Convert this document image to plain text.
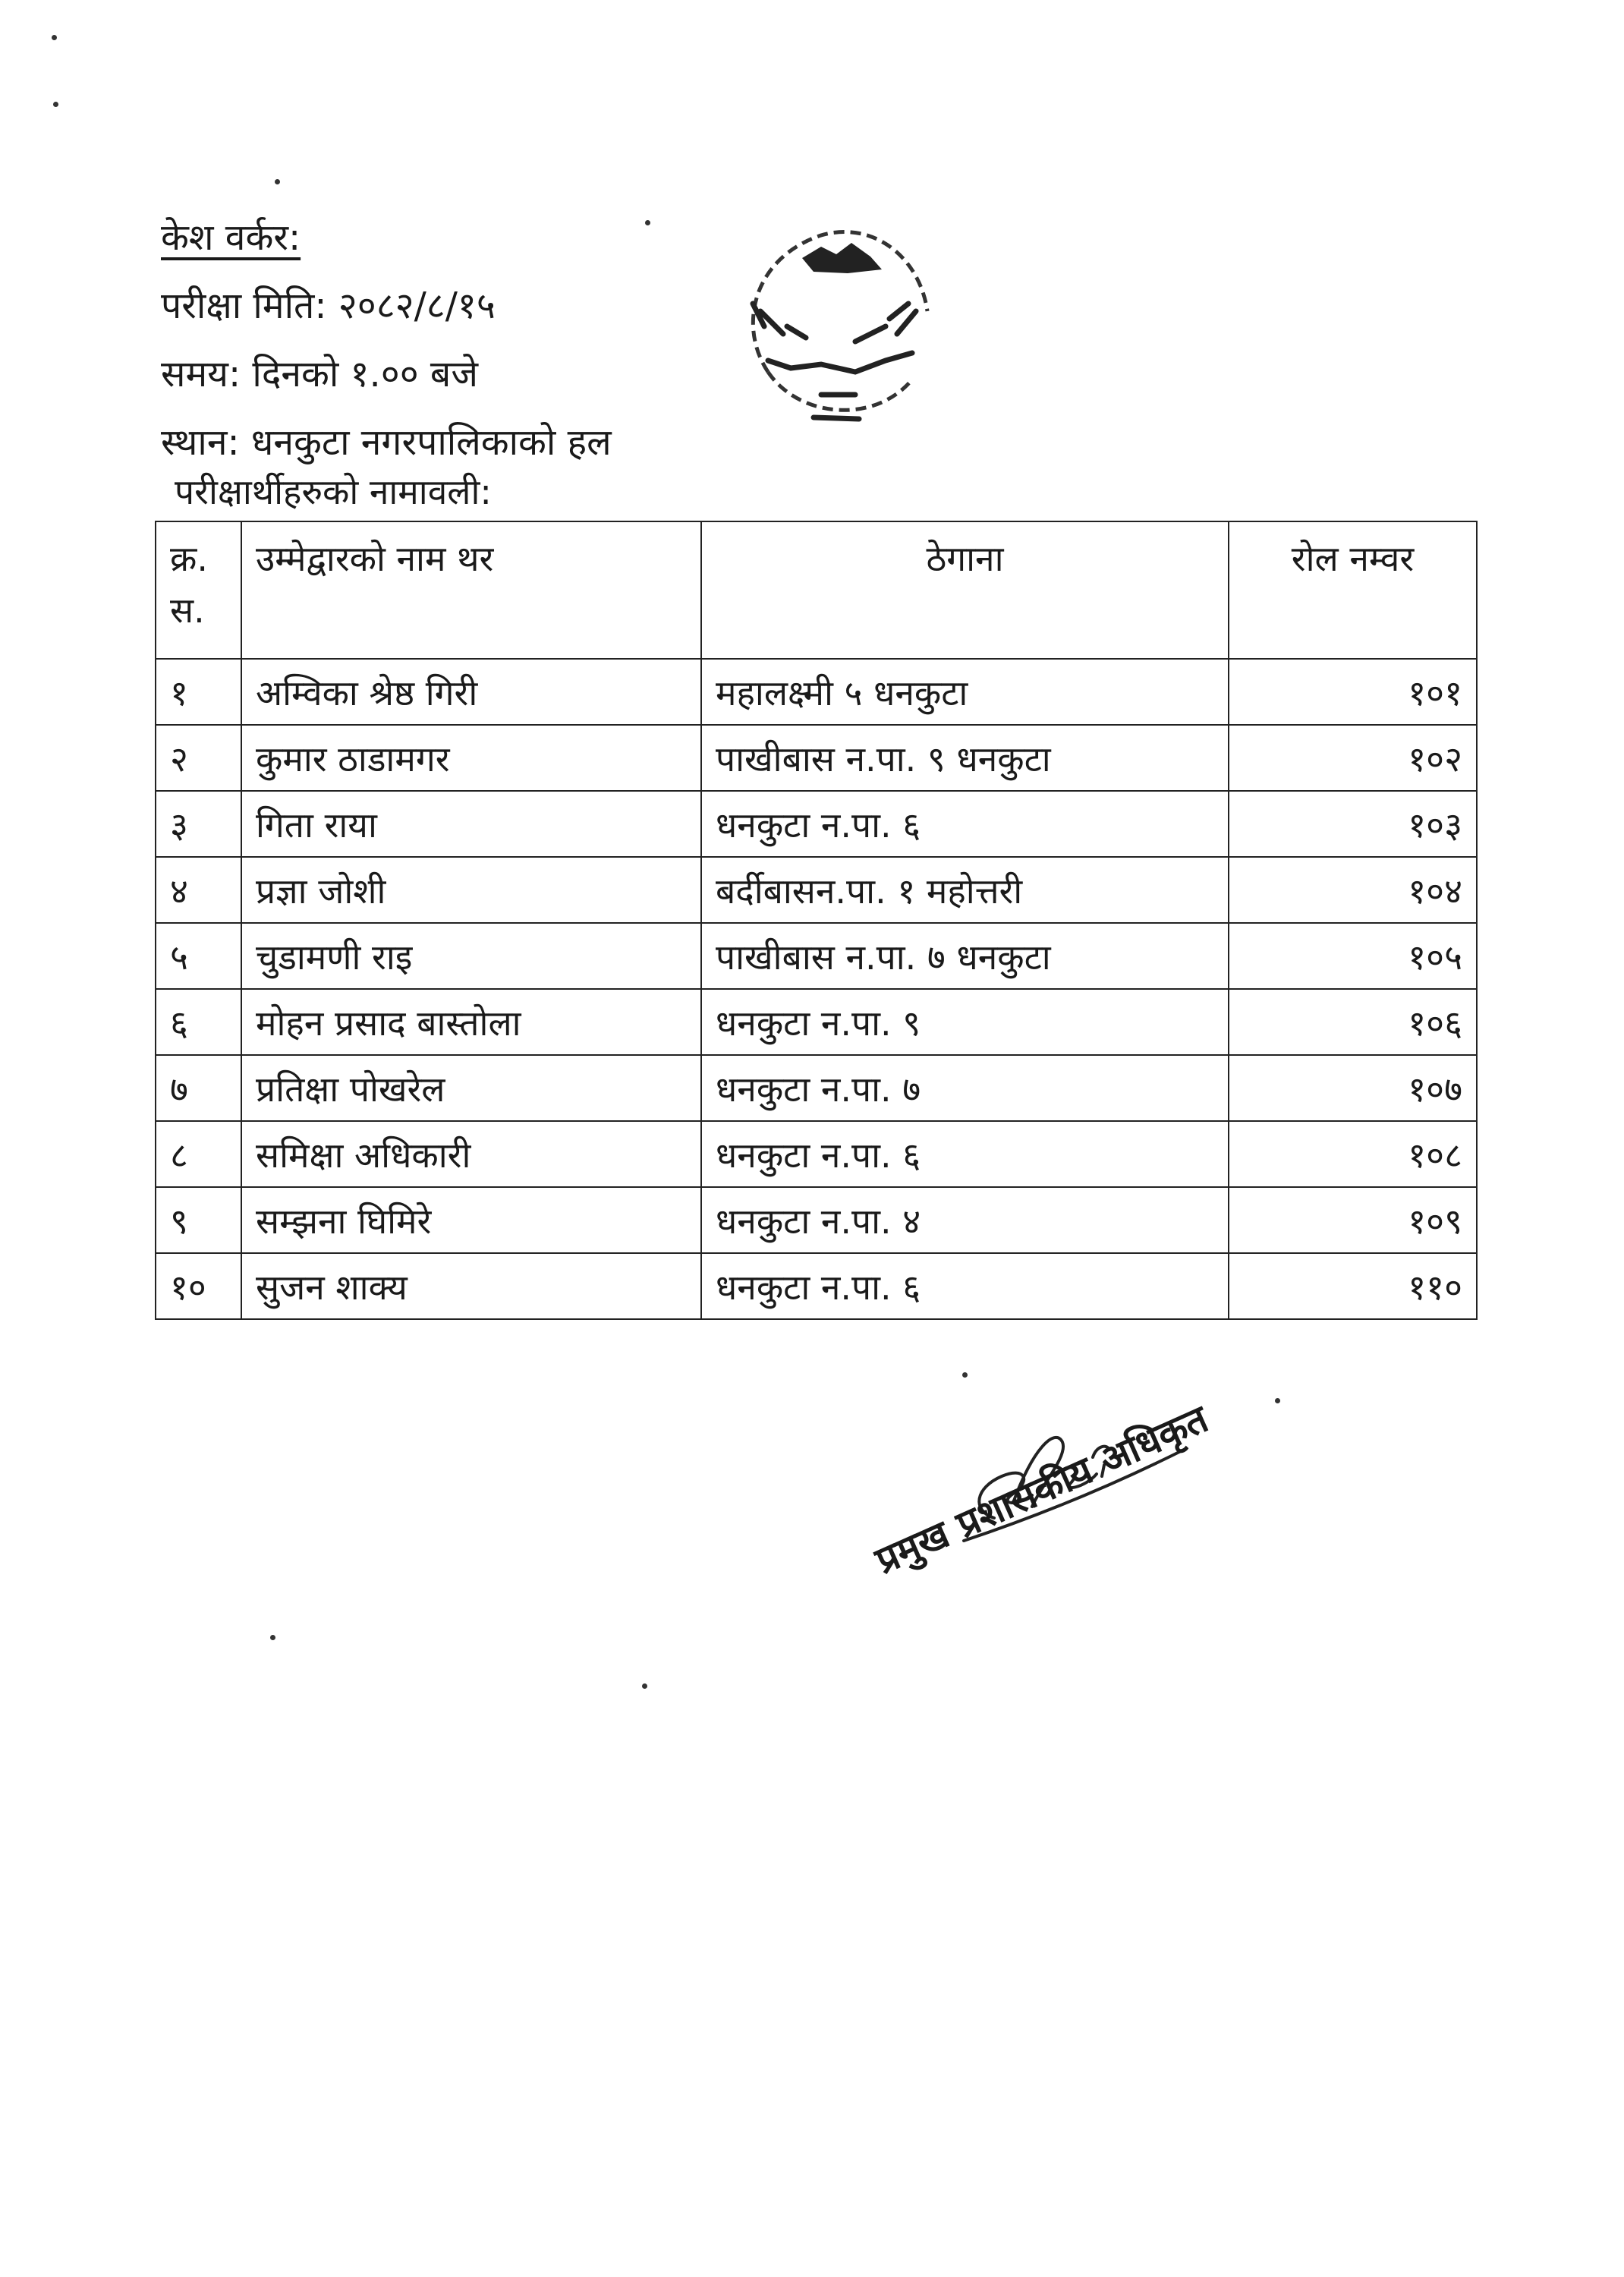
केश वर्कर:
परीक्षा मिति: २०८२/८/१५
समय: दिनको १.०० बजे
स्थान: धनकुटा नगरपालिकाको हल
परीक्षार्थीहरुको नामावली:
क्र.
स.	उम्मेद्वारको नाम थर	ठेगाना	रोल नम्वर
१	अम्विका श्रेष्ठ गिरी	महालक्ष्मी ५ धनकुटा	१०१
२	कुमार ठाडामगर	पाखीबास न.पा. ९ धनकुटा	१०२
३	गिता राया	धनकुटा न.पा. ६	१०३
४	प्रज्ञा जोशी	बर्दीबासन.पा. १ महोत्तरी	१०४
५	चुडामणी राइ	पाखीबास न.पा. ७ धनकुटा	१०५
६	मोहन प्रसाद बास्तोला	धनकुटा न.पा. ९	१०६
७	प्रतिक्षा पोखरेल	धनकुटा न.पा. ७	१०७
८	समिक्षा अधिकारी	धनकुटा न.पा. ६	१०८
९	सम्झना घिमिरे	धनकुटा न.पा. ४	१०९
१०	सुजन शाक्य	धनकुटा न.पा. ६	११०
प्रमुख प्रशासकीय अधिकृत
